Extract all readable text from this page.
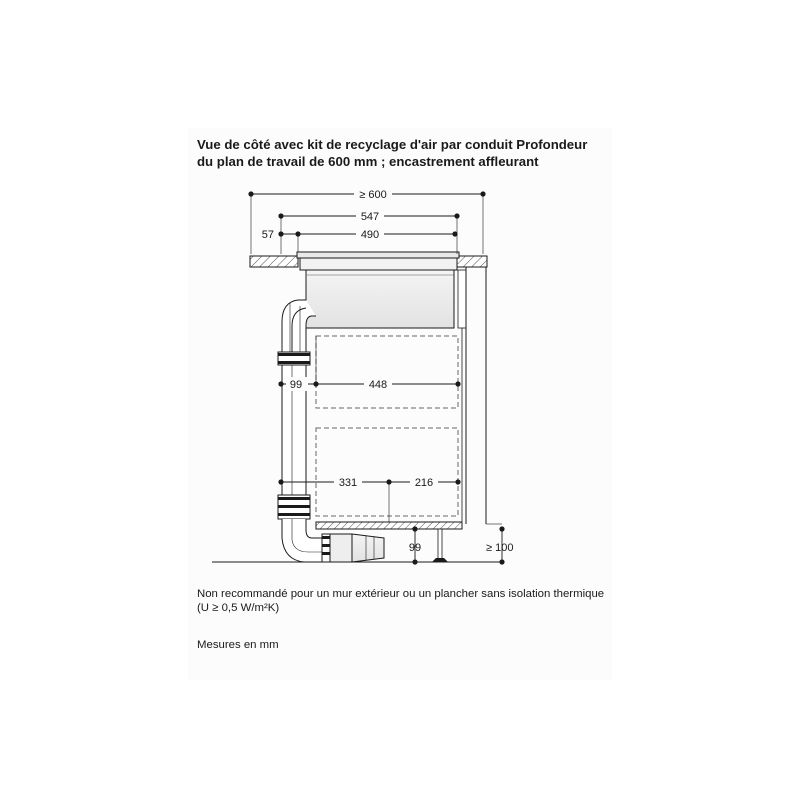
Vue de côté avec kit de recyclage d'air par conduit Profondeur du plan de travail de 600 mm ; encastrement affleurant
≥ 600
547
57	490
99	448
331	216
99	≥ 100
Non recommandé pour un mur extérieur ou un plancher sans isolation thermique
(U ≥ 0,5 W/m²K)
Mesures en mm
